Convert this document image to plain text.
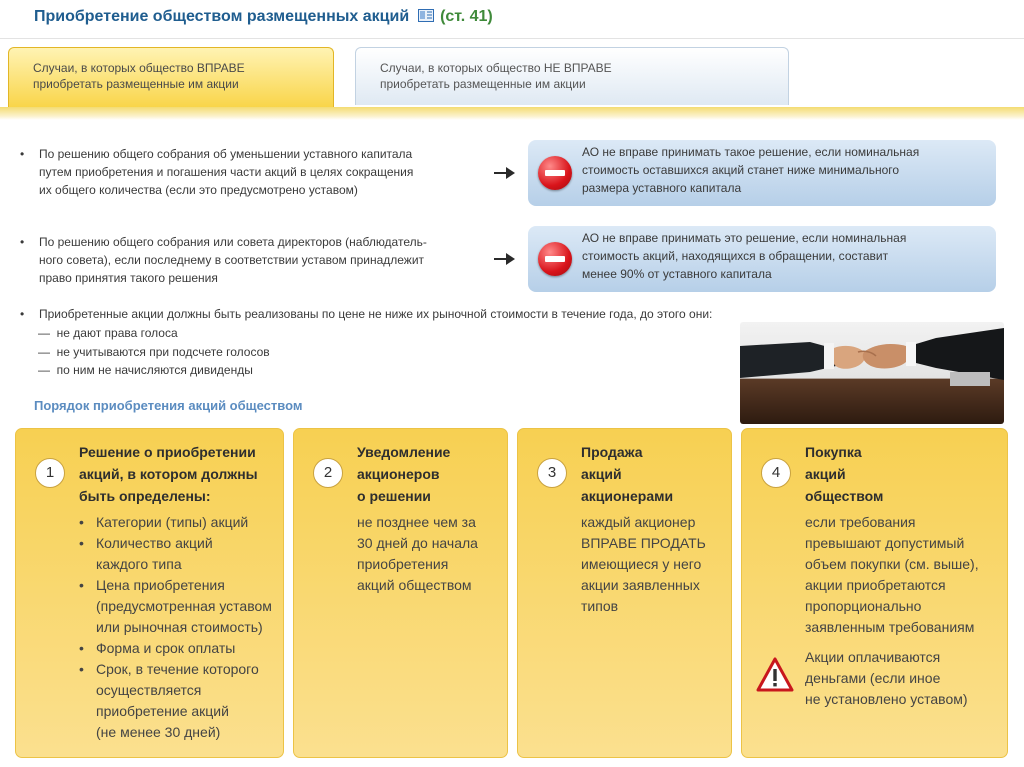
Приобретение обществом размещенных акций (ст. 41)
Случаи, в которых общество ВПРАВЕ
приобретать размещенные им акции
Случаи, в которых общество НЕ ВПРАВЕ
приобретать размещенные им акции
• По решению общего собрания об уменьшении уставного капитала
путем приобретения и погашения части акций в целях сокращения
их общего количества (если это предусмотрено уставом)
АО не вправе принимать такое решение, если номинальная
стоимость оставшихся акций станет ниже минимального
размера уставного капитала
• По решению общего собрания или совета директоров (наблюдатель-
ного совета), если последнему в соответствии уставом принадлежит
право принятия такого решения
АО не вправе принимать это решение, если номинальная
стоимость акций, находящихся в обращении, составит
менее 90% от уставного капитала
• Приобретенные акции должны быть реализованы по цене не ниже их рыночной стоимости в течение года, до этого они:
— не дают права голоса
— не учитываются при подсчете голосов
— по ним не начисляются дивиденды
Порядок приобретения акций обществом
1
Решение о приобретении
акций, в котором должны
быть определены:
• Категории (типы) акций
• Количество акций
каждого типа
• Цена приобретения
(предусмотренная уставом
или рыночная стоимость)
• Форма и срок оплаты
• Срок, в течение которого
осуществляется
приобретение акций
(не менее 30 дней)
2
Уведомление
акционеров
о решении
не позднее чем за
30 дней до начала
приобретения
акций обществом
3
Продажа
акций
акционерами
каждый акционер
ВПРАВЕ ПРОДАТЬ
имеющиеся у него
акции заявленных
типов
4
Покупка
акций
обществом
если требования
превышают допустимый
объем покупки (см. выше),
акции приобретаются
пропорционально
заявленным требованиям
Акции оплачиваются
деньгами (если иное
не установлено уставом)
